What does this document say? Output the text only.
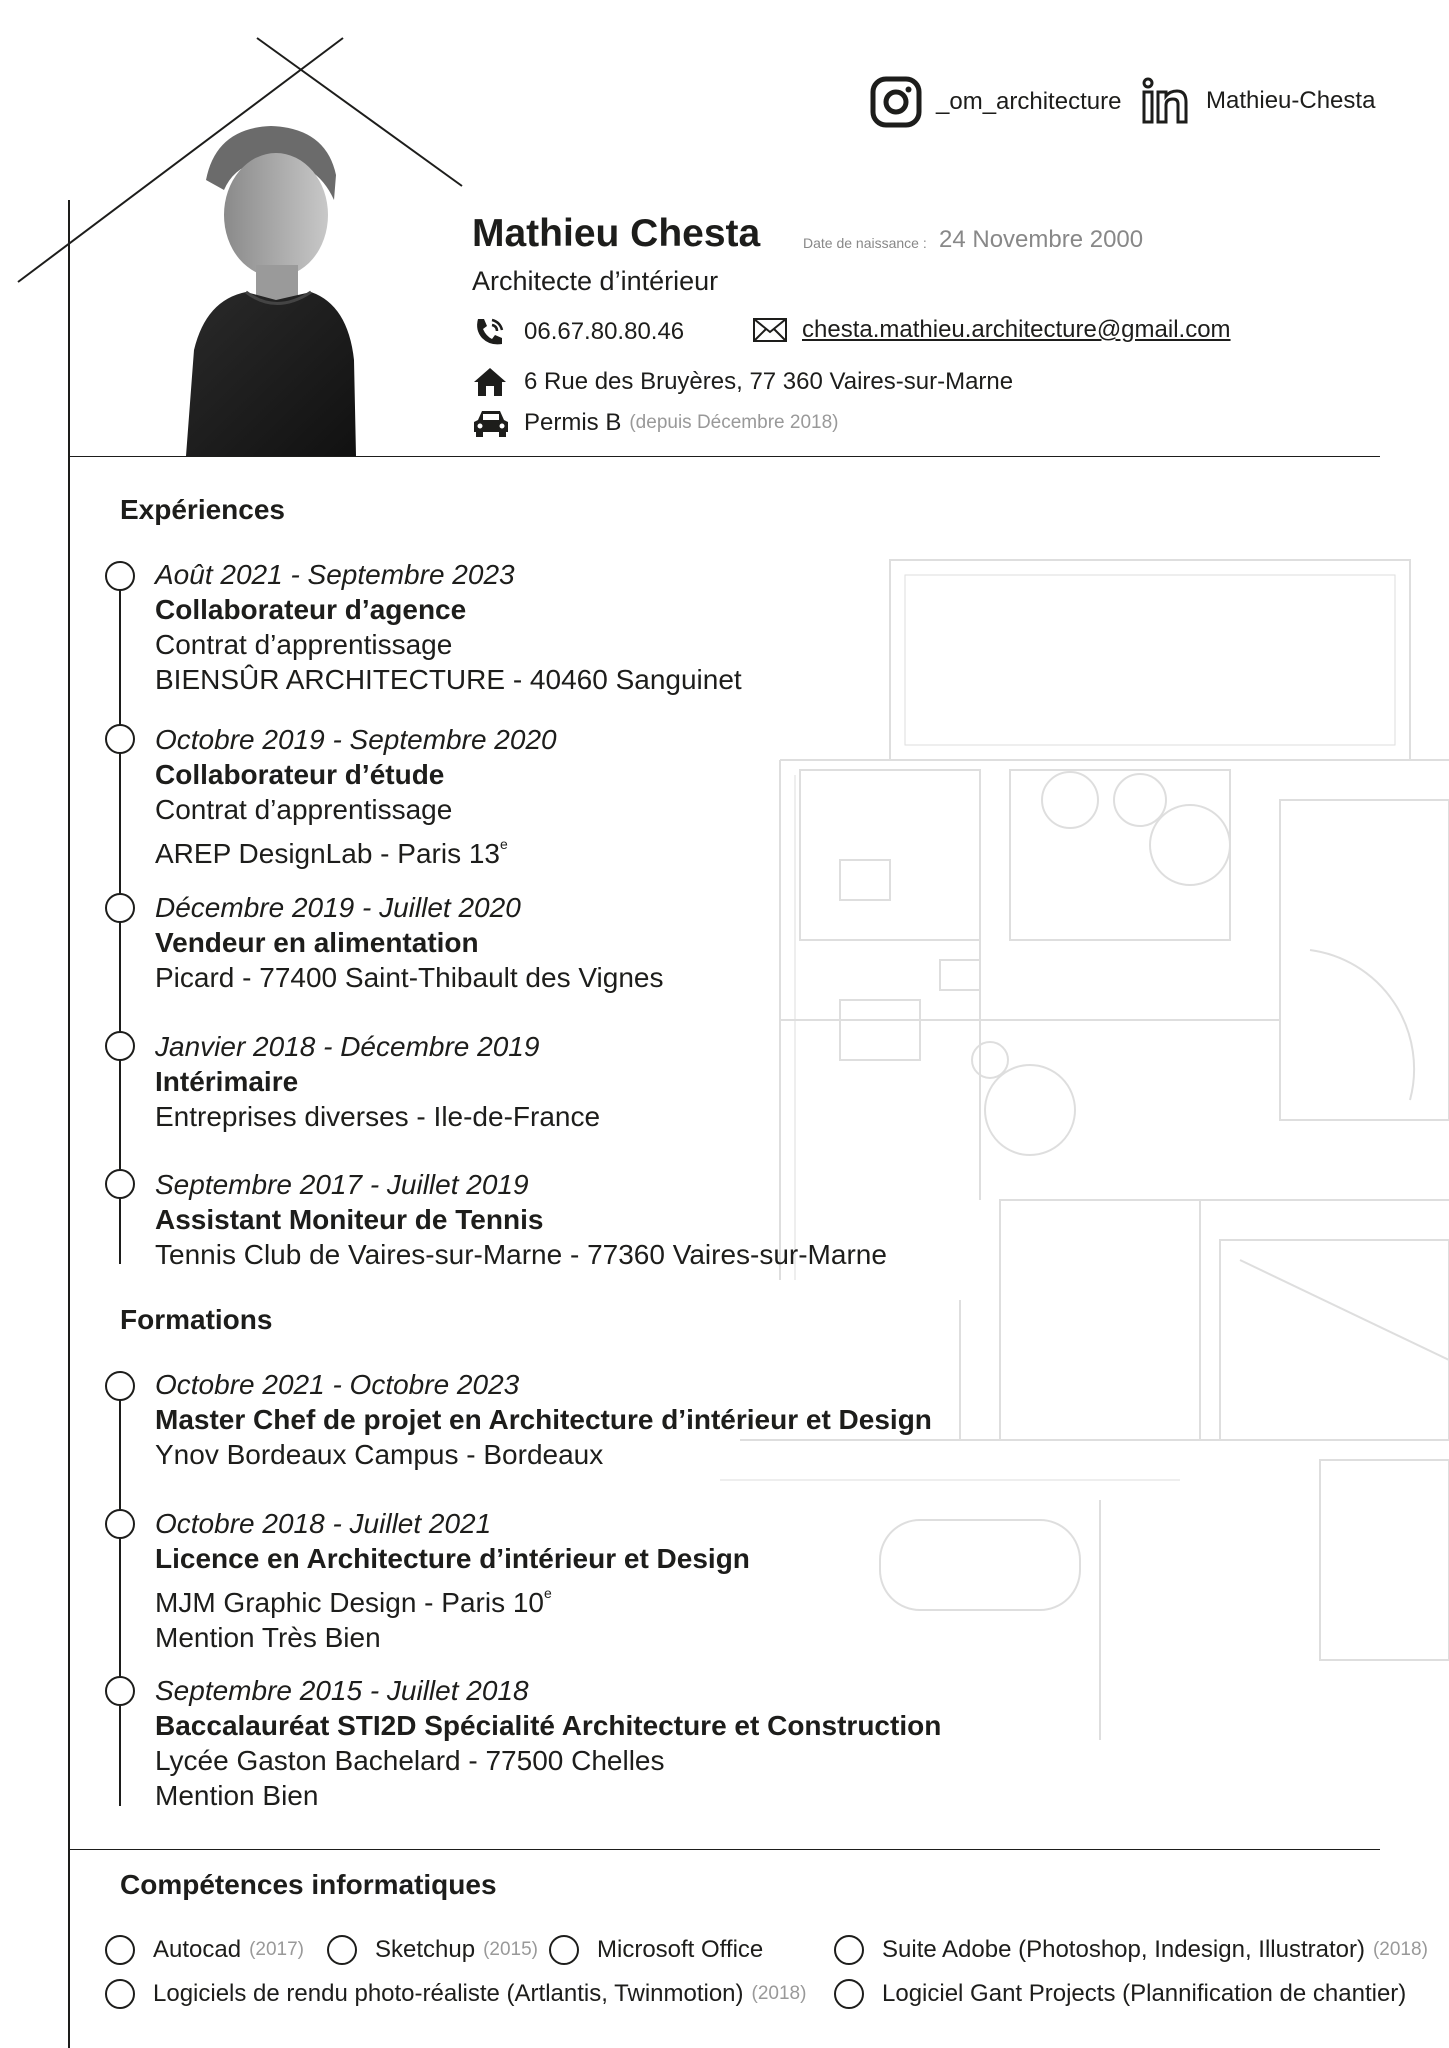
_om_architecture	Mathieu-Chesta
Mathieu Chesta	Date de naissance : 24 Novembre 2000
Architecte d’intérieur
06.67.80.80.46	chesta.mathieu.architecture@gmail.com
6 Rue des Bruyères, 77 360 Vaires-sur-Marne
Permis B (depuis Décembre 2018)
Expériences
Août 2021 - Septembre 2023
Collaborateur d’agence
Contrat d’apprentissage
BIENSÛR ARCHITECTURE - 40460 Sanguinet
Octobre 2019 - Septembre 2020
Collaborateur d’étude
Contrat d’apprentissage
AREP DesignLab - Paris 13e
Décembre 2019 - Juillet 2020
Vendeur en alimentation
Picard - 77400 Saint-Thibault des Vignes
Janvier 2018 - Décembre 2019
Intérimaire
Entreprises diverses - Ile-de-France
Septembre 2017 - Juillet 2019
Assistant Moniteur de Tennis
Tennis Club de Vaires-sur-Marne - 77360 Vaires-sur-Marne
Formations
Octobre 2021 - Octobre 2023
Master Chef de projet en Architecture d’intérieur et Design
Ynov Bordeaux Campus - Bordeaux
Octobre 2018 - Juillet 2021
Licence en Architecture d’intérieur et Design
MJM Graphic Design - Paris 10e
Mention Très Bien
Septembre 2015 - Juillet 2018
Baccalauréat STI2D Spécialité Architecture et Construction
Lycée Gaston Bachelard - 77500 Chelles
Mention Bien
Compétences informatiques
Autocad (2017)	Sketchup (2015) Microsoft Office	Suite Adobe (Photoshop, Indesign, Illustrator) (2018)
Logiciels de rendu photo-réaliste (Artlantis, Twinmotion) (2018)	Logiciel Gant Projects (Plannification de chantier)
